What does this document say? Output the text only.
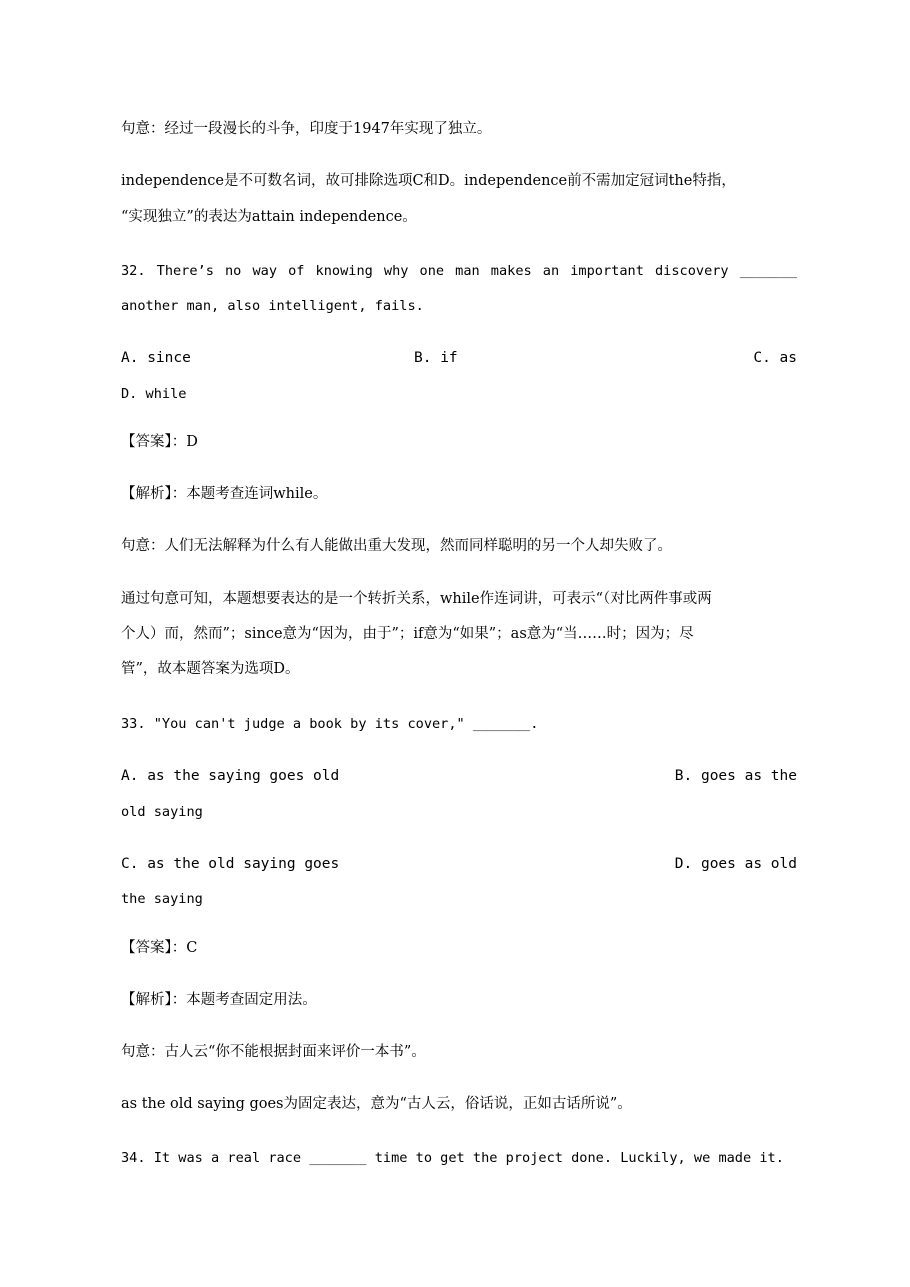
句意：经过一段漫长的斗争，印度于1947年实现了独立。
independence是不可数名词，故可排除选项C和D。independence前不需加定冠词the特指，
“实现独立”的表达为attain independence。
32. There’s no way of knowing why one man makes an important discovery _______
another man, also intelligent, fails.
A. since	B. if	C. as
D. while
【答案】：D
【解析】：本题考查连词while。
句意：人们无法解释为什么有人能做出重大发现，然而同样聪明的另一个人却失败了。
通过句意可知，本题想要表达的是一个转折关系，while作连词讲，可表示“（对比两件事或两
个人）而，然而”；since意为“因为，由于”；if意为“如果”；as意为“当……时；因为；尽
管”，故本题答案为选项D。
33. "You can't judge a book by its cover," _______.
A. as the saying goes old	B. goes as the
old saying
C. as the old saying goes	D. goes as old
the saying
【答案】：C
【解析】：本题考查固定用法。
句意：古人云“你不能根据封面来评价一本书”。
as the old saying goes为固定表达，意为“古人云，俗话说，正如古话所说”。
34. It was a real race _______ time to get the project done. Luckily, we made it.
